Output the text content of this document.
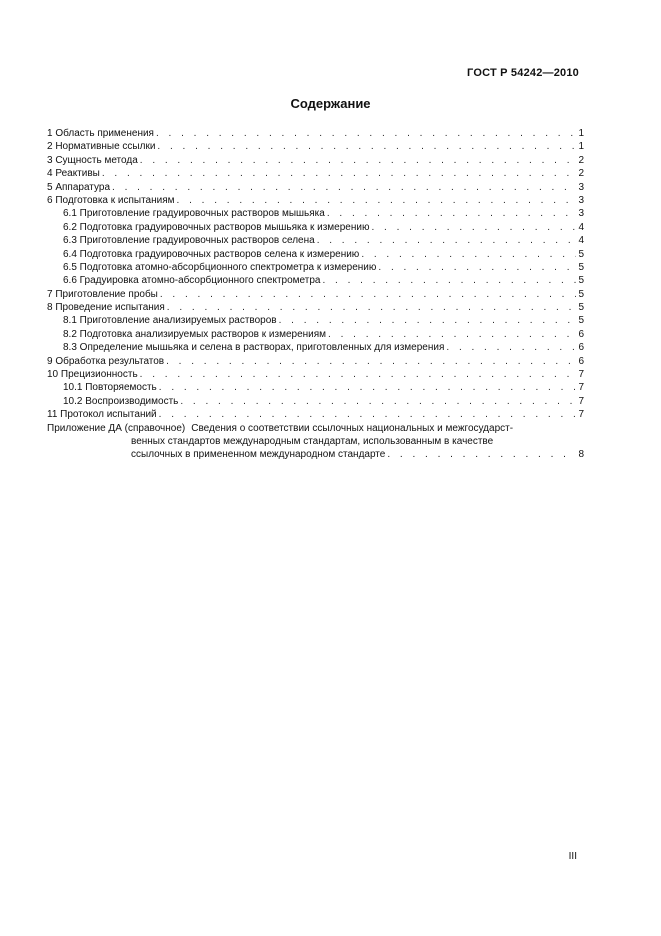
ГОСТ Р 54242—2010
Содержание
1 Область применения . . .	1
2 Нормативные ссылки . . .	1
3 Сущность метода . . .	2
4 Реактивы . . .	2
5 Аппаратура . . .	3
6 Подготовка к испытаниям . . .	3
6.1 Приготовление градуировочных растворов мышьяка . . .	3
6.2 Подготовка градуировочных растворов мышьяка к измерению . . .	4
6.3 Приготовление градуировочных растворов селена . . .	4
6.4 Подготовка градуировочных растворов селена к измерению . . .	5
6.5 Подготовка атомно-абсорбционного спектрометра к измерению . . .	5
6.6 Градуировка атомно-абсорбционного спектрометра . . .	5
7 Приготовление пробы . . .	5
8 Проведение испытания . . .	5
8.1 Приготовление анализируемых растворов . . .	5
8.2 Подготовка анализируемых растворов к измерениям . . .	6
8.3 Определение мышьяка и селена в растворах, приготовленных для измерения . . .	6
9 Обработка результатов . . .	6
10 Прецизионность . . .	7
10.1 Повторяемость . . .	7
10.2 Воспроизводимость . . .	7
11 Протокол испытаний . . .	7
Приложение ДА (справочное) Сведения о соответствии ссылочных национальных и межгосударст-
венных стандартов международным стандартам, использованным в качестве
ссылочных в примененном международном стандарте . . .	8
III
